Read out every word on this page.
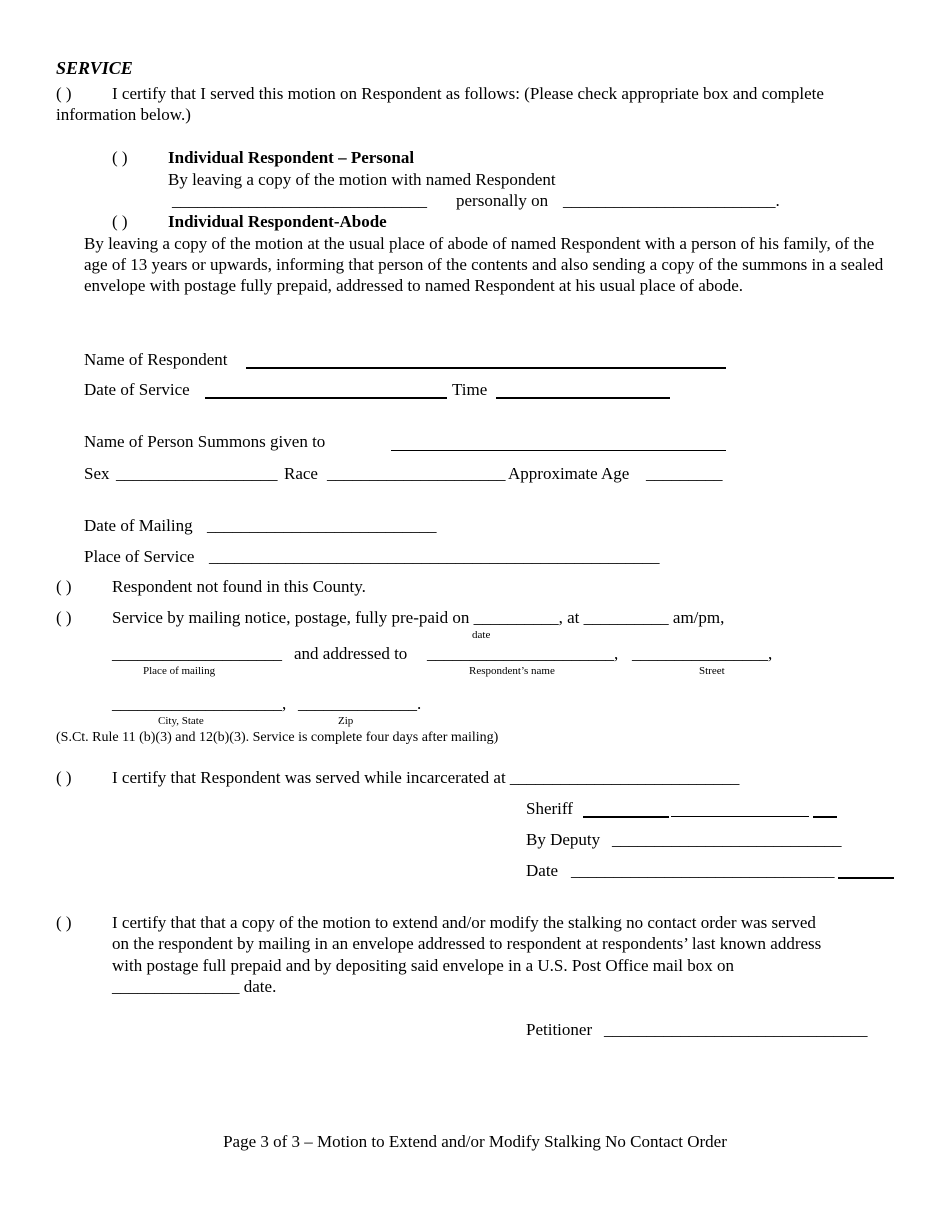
SERVICE
( ) I certify that I served this motion on Respondent as follows: (Please check appropriate box and complete
information below.)
( ) Individual Respondent – Personal
By leaving a copy of the motion with named Respondent
______________________________ personally on _________________________.
( ) Individual Respondent-Abode
By leaving a copy of the motion at the usual place of abode of named Respondent with a person of his family, of the age of 13 years or upwards, informing that person of the contents and also sending a copy of the summons in a sealed envelope with postage fully prepaid, addressed to named Respondent at his usual place of abode.
Name of Respondent
Date of Service	Time
Name of Person Summons given to
Sex ___________________ Race _____________________ Approximate Age _________
Date of Mailing ___________________________
Place of Service _____________________________________________________
( ) Respondent not found in this County.
( ) Service by mailing notice, postage, fully pre-paid on __________, at __________ am/pm,
date
____________________ and addressed to ______________________, ________________,
Place of mailing	Respondent’s name	Street
____________________, ______________.
City, State	Zip
(S.Ct. Rule 11 (b)(3) and 12(b)(3). Service is complete four days after mailing)
( ) I certify that Respondent was served while incarcerated at ___________________________
Sheriff
By Deputy ___________________________
Date _______________________________
( ) I certify that that a copy of the motion to extend and/or modify the stalking no contact order was served
on the respondent by mailing in an envelope addressed to respondent at respondents’ last known address
with postage full prepaid and by depositing said envelope in a U.S. Post Office mail box on
_______________ date.
Petitioner _______________________________
Page 3 of 3 – Motion to Extend and/or Modify Stalking No Contact Order
